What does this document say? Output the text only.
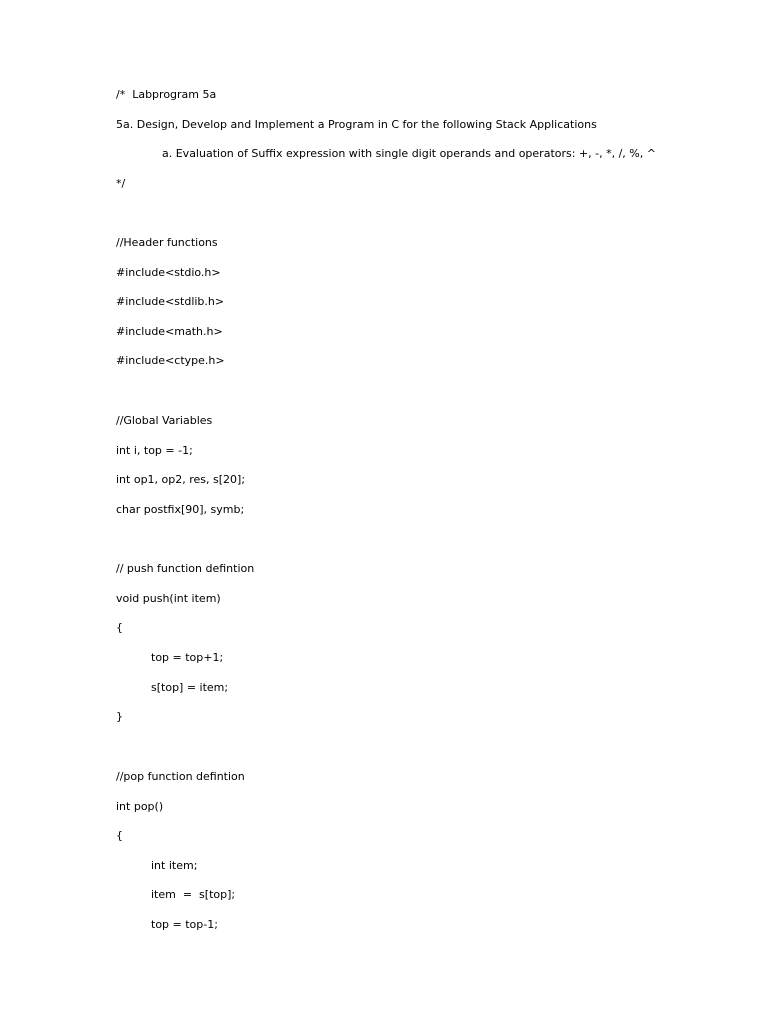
/*  Labprogram 5a
5a. Design, Develop and Implement a Program in C for the following Stack Applications
a. Evaluation of Suffix expression with single digit operands and operators: +, -, *, /, %, ^
*/
//Header functions
#include<stdio.h>
#include<stdlib.h>
#include<math.h>
#include<ctype.h>
//Global Variables
int i, top = -1;
int op1, op2, res, s[20];
char postfix[90], symb;
// push function defintion
void push(int item)
{
top = top+1;
s[top] = item;
}
//pop function defintion
int pop()
{
int item;
item  =  s[top];
top = top-1;
